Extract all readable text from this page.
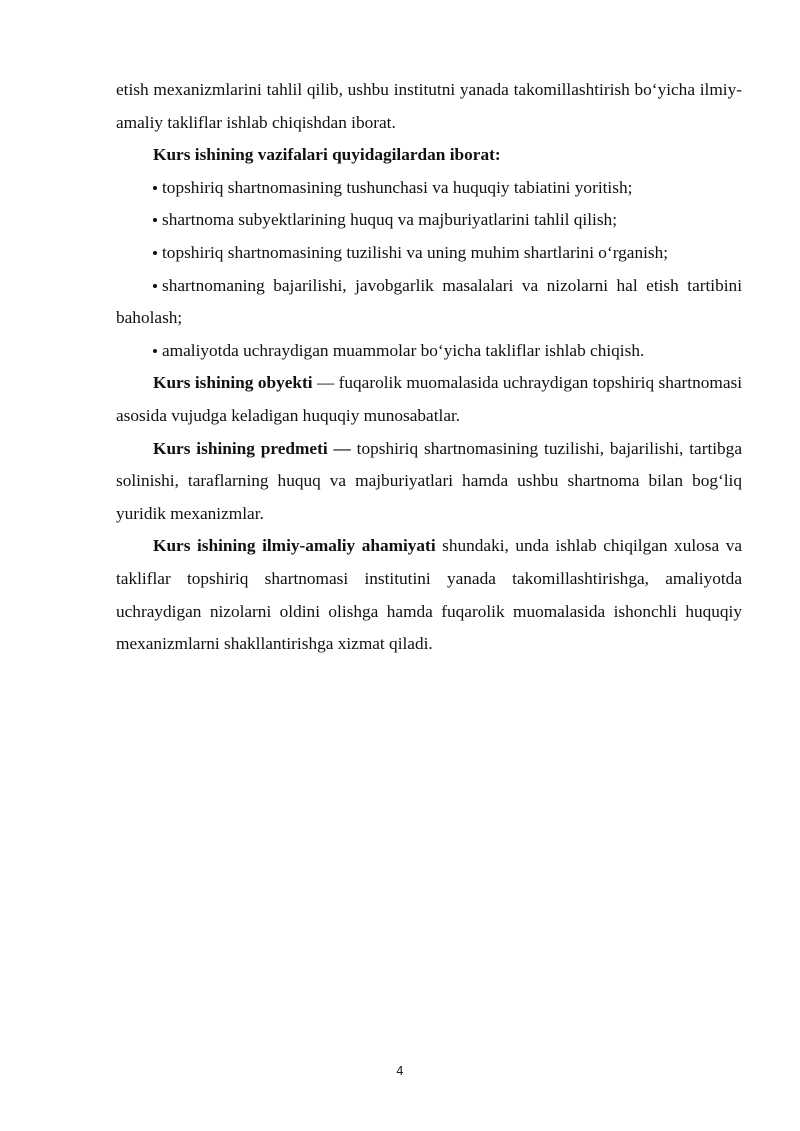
etish mexanizmlarini tahlil qilib, ushbu institutni yanada takomillashtirish bo‘yicha ilmiy-amaliy takliflar ishlab chiqishdan iborat.

Kurs ishining vazifalari quyidagilardan iborat:

topshiriq shartnomasining tushunchasi va huquqiy tabiatini yoritish;
shartnoma subyektlarining huquq va majburiyatlarini tahlil qilish;
topshiriq shartnomasining tuzilishi va uning muhim shartlarini o‘rganish;
shartnomaning bajarilishi, javobgarlik masalalari va nizolarni hal etish tartibini baholash;
amaliyotda uchraydigan muammolar bo‘yicha takliflar ishlab chiqish.

Kurs ishining obyekti — fuqarolik muomalasida uchraydigan topshiriq shartnomasi asosida vujudga keladigan huquqiy munosabatlar.

Kurs ishining predmeti — topshiriq shartnomasining tuzilishi, bajarilishi, tartibga solinishi, taraflarning huquq va majburiyatlari hamda ushbu shartnoma bilan bog‘liq yuridik mexanizmlar.

Kurs ishining ilmiy-amaliy ahamiyati shundaki, unda ishlab chiqilgan xulosa va takliflar topshiriq shartnomasi institutini yanada takomillashtirishga, amaliyotda uchraydigan nizolarni oldini olishga hamda fuqarolik muomalasida ishonchli huquqiy mexanizmlarni shakllantirishga xizmat qiladi.

4
